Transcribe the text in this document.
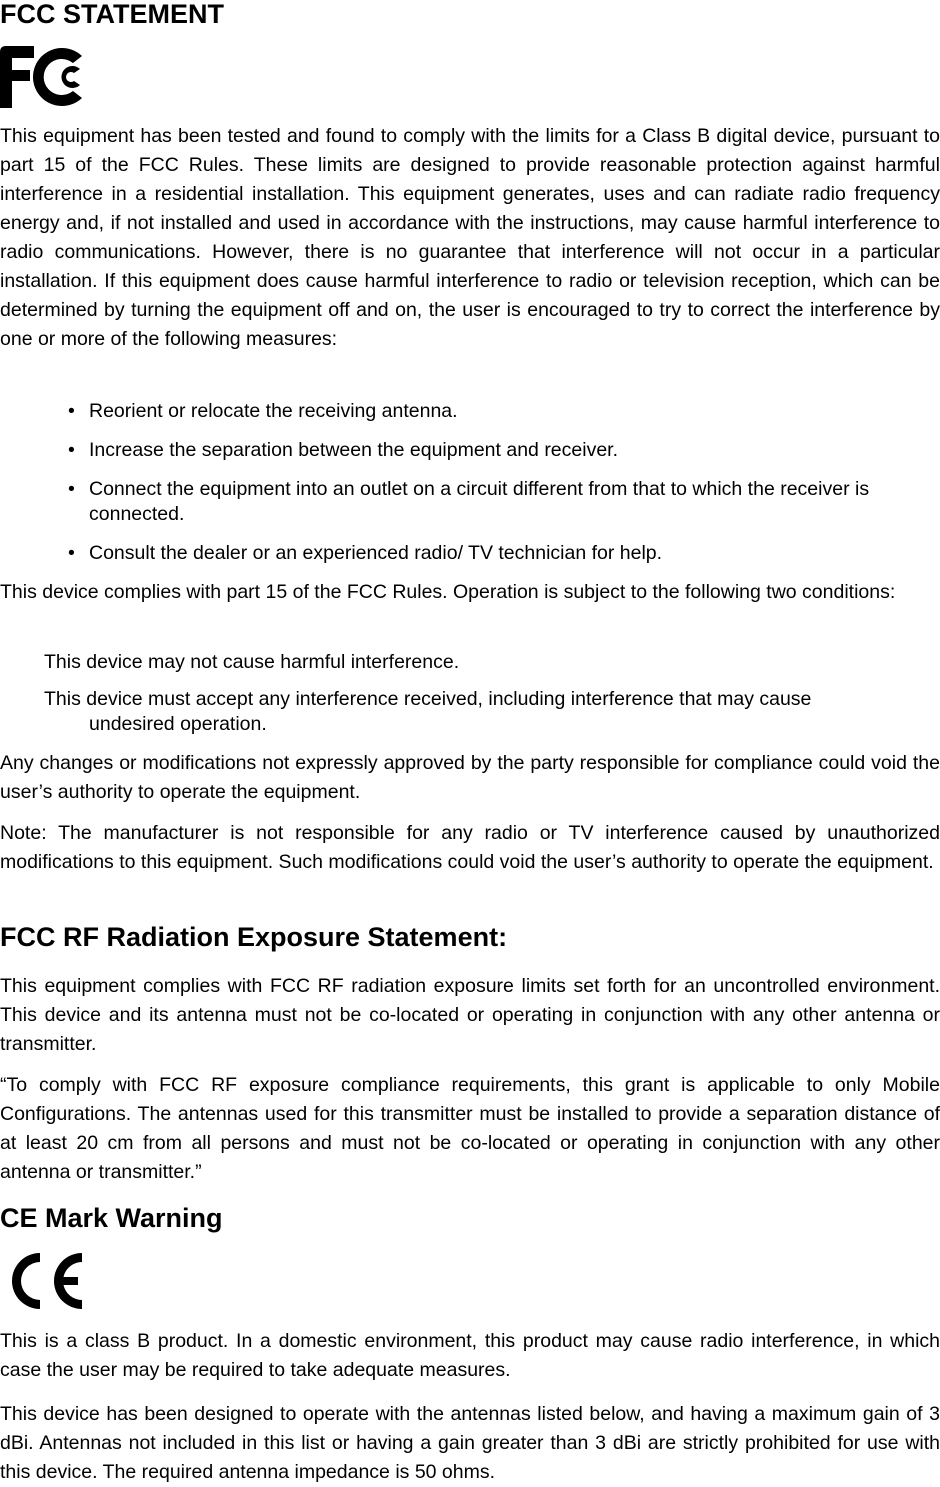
FCC STATEMENT

This equipment has been tested and found to comply with the limits for a Class B digital device, pursuant to part 15 of the FCC Rules. These limits are designed to provide reasonable protection against harmful interference in a residential installation. This equipment generates, uses and can radiate radio frequency energy and, if not installed and used in accordance with the instructions, may cause harmful interference to radio communications. However, there is no guarantee that interference will not occur in a particular installation. If this equipment does cause harmful interference to radio or television reception, which can be determined by turning the equipment off and on, the user is encouraged to try to correct the interference by one or more of the following measures:

• Reorient or relocate the receiving antenna.
• Increase the separation between the equipment and receiver.
• Connect the equipment into an outlet on a circuit different from that to which the receiver is connected.
• Consult the dealer or an experienced radio/ TV technician for help.

This device complies with part 15 of the FCC Rules. Operation is subject to the following two conditions:

This device may not cause harmful interference.
This device must accept any interference received, including interference that may cause
undesired operation.

Any changes or modifications not expressly approved by the party responsible for compliance could void the user’s authority to operate the equipment.

Note: The manufacturer is not responsible for any radio or TV interference caused by unauthorized modifications to this equipment. Such modifications could void the user’s authority to operate the equipment.

FCC RF Radiation Exposure Statement:

This equipment complies with FCC RF radiation exposure limits set forth for an uncontrolled environment. This device and its antenna must not be co-located or operating in conjunction with any other antenna or transmitter.

“To comply with FCC RF exposure compliance requirements, this grant is applicable to only Mobile Configurations. The antennas used for this transmitter must be installed to provide a separation distance of at least 20 cm from all persons and must not be co-located or operating in conjunction with any other antenna or transmitter.”

CE Mark Warning

This is a class B product. In a domestic environment, this product may cause radio interference, in which case the user may be required to take adequate measures.

This device has been designed to operate with the antennas listed below, and having a maximum gain of 3 dBi. Antennas not included in this list or having a gain greater than 3 dBi are strictly prohibited for use with this device. The required antenna impedance is 50 ohms.
